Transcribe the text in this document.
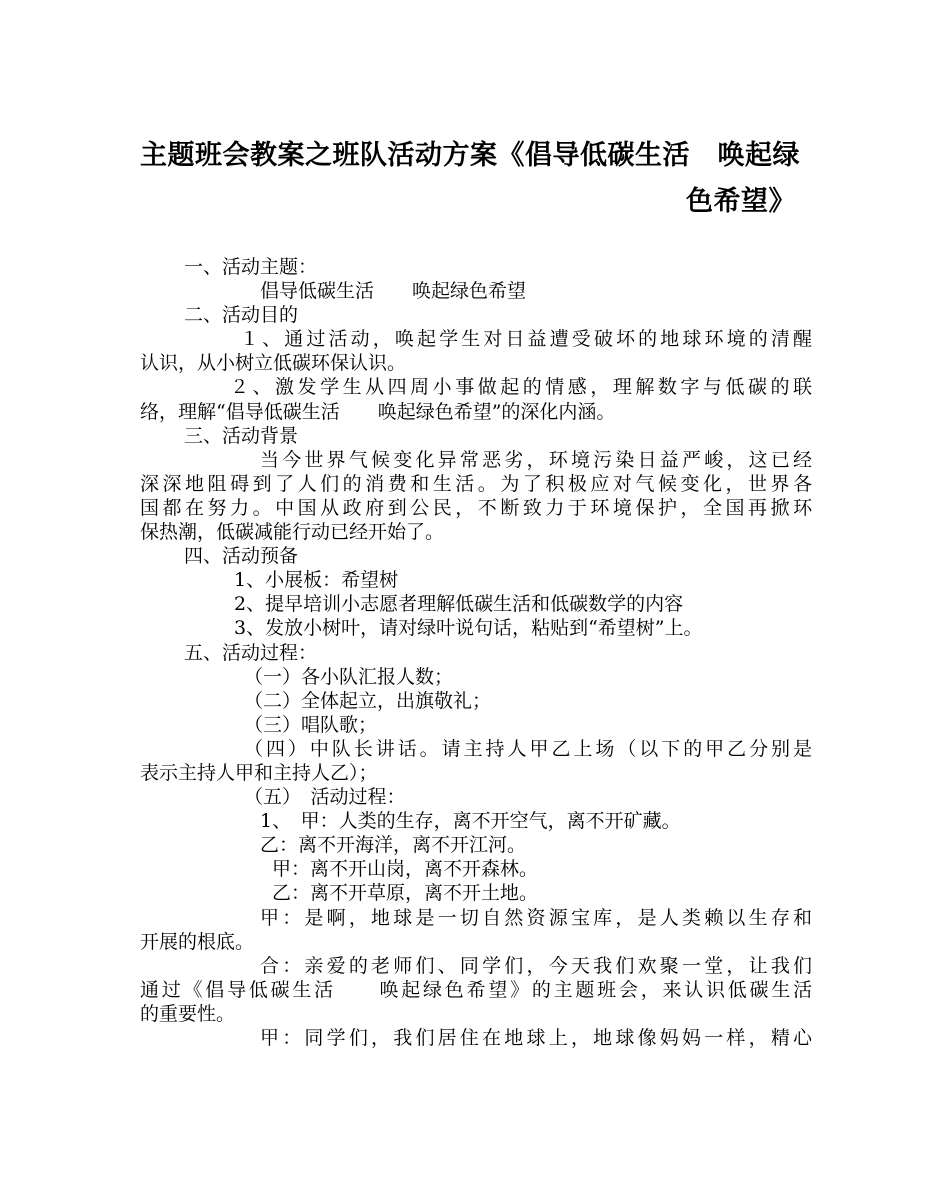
主题班会教案之班队活动方案《倡导低碳生活　唤起绿
色希望》
一、活动主题：
倡导低碳生活　　唤起绿色希望
二、活动目的
１、通过活动，唤起学生对日益遭受破坏的地球环境的清醒
认识，从小树立低碳环保认识。
２、激发学生从四周小事做起的情感，理解数字与低碳的联
络，理解“倡导低碳生活　　唤起绿色希望”的深化内涵。
三、活动背景
当今世界气候变化异常恶劣，环境污染日益严峻，这已经
深深地阻碍到了人们的消费和生活。为了积极应对气候变化，世界各
国都在努力。中国从政府到公民，不断致力于环境保护，全国再掀环
保热潮，低碳减能行动已经开始了。
四、活动预备
1、小展板：希望树
2、提早培训小志愿者理解低碳生活和低碳数学的内容
3、发放小树叶，请对绿叶说句话，粘贴到“希望树”上。
五、活动过程：
（一）各小队汇报人数；
（二）全体起立，出旗敬礼；
（三）唱队歌；
（四）中队长讲话。请主持人甲乙上场（以下的甲乙分别是
表示主持人甲和主持人乙）；
（五）　活动过程：
1、　甲：人类的生存，离不开空气，离不开矿藏。
乙：离不开海洋，离不开江河。
甲：离不开山岗，离不开森林。
乙：离不开草原，离不开土地。
甲：是啊，地球是一切自然资源宝库，是人类赖以生存和
开展的根底。
合：亲爱的老师们、同学们，今天我们欢聚一堂，让我们
通过《倡导低碳生活　　唤起绿色希望》的主题班会，来认识低碳生活
的重要性。
甲：同学们，我们居住在地球上，地球像妈妈一样，精心
